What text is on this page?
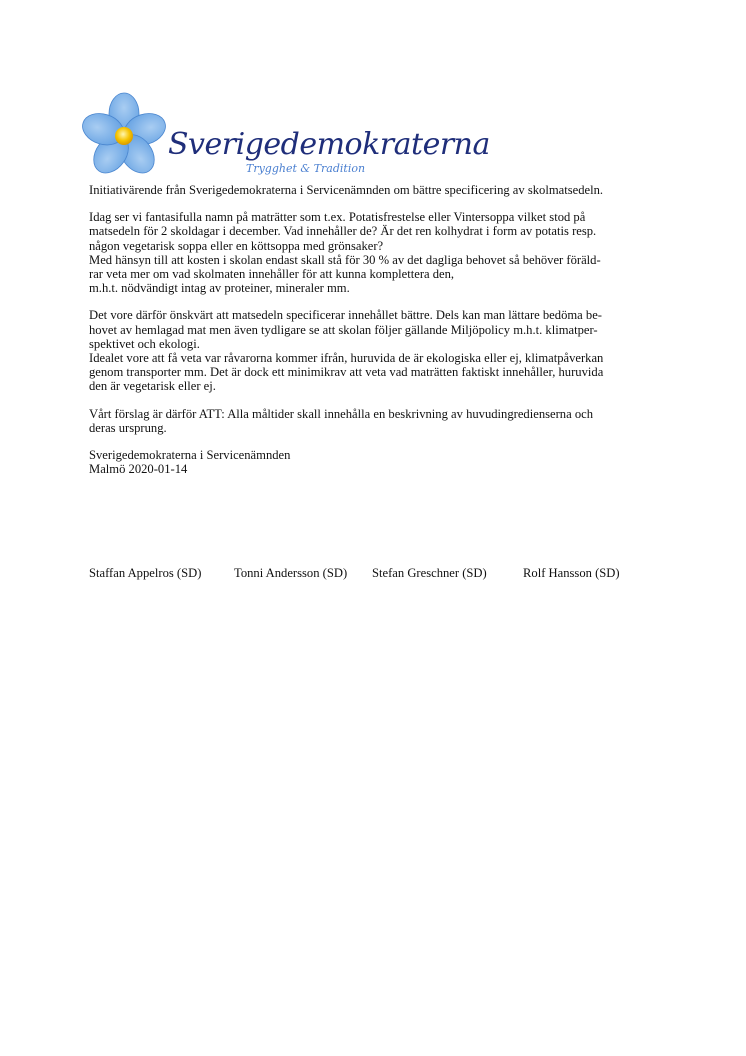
Sverigedemokraterna
Trygghet & Tradition

Initiativärende från Sverigedemokraterna i Servicenämnden om bättre specificering av skolmatsedeln.

Idag ser vi fantasifulla namn på maträtter som t.ex. Potatisfrestelse eller Vintersoppa vilket stod på

matsedeln för 2 skoldagar i december. Vad innehåller de? Är det ren kolhydrat i form av potatis resp.

någon vegetarisk soppa eller en köttsoppa med grönsaker?

Med hänsyn till att kosten i skolan endast skall stå för 30 % av det dagliga behovet så behöver föräld-

rar veta mer om vad skolmaten innehåller för att kunna komplettera den,

m.h.t. nödvändigt intag av proteiner, mineraler mm.

Det vore därför önskvärt att matsedeln specificerar innehållet bättre. Dels kan man lättare bedöma be-

hovet av hemlagad mat men även tydligare se att skolan följer gällande Miljöpolicy m.h.t. klimatper-

spektivet och ekologi.

Idealet vore att få veta var råvarorna kommer ifrån, huruvida de är ekologiska eller ej, klimatpåverkan

genom transporter mm. Det är dock ett minimikrav att veta vad maträtten faktiskt innehåller, huruvida

den är vegetarisk eller ej.

Vårt förslag är därför ATT: Alla måltider skall innehålla en beskrivning av huvudingredienserna och

deras ursprung.

Sverigedemokraterna i Servicenämnden

Malmö 2020-01-14

Staffan Appelros (SD)	Tonni Andersson (SD) Stefan Greschner (SD)	Rolf Hansson (SD)
